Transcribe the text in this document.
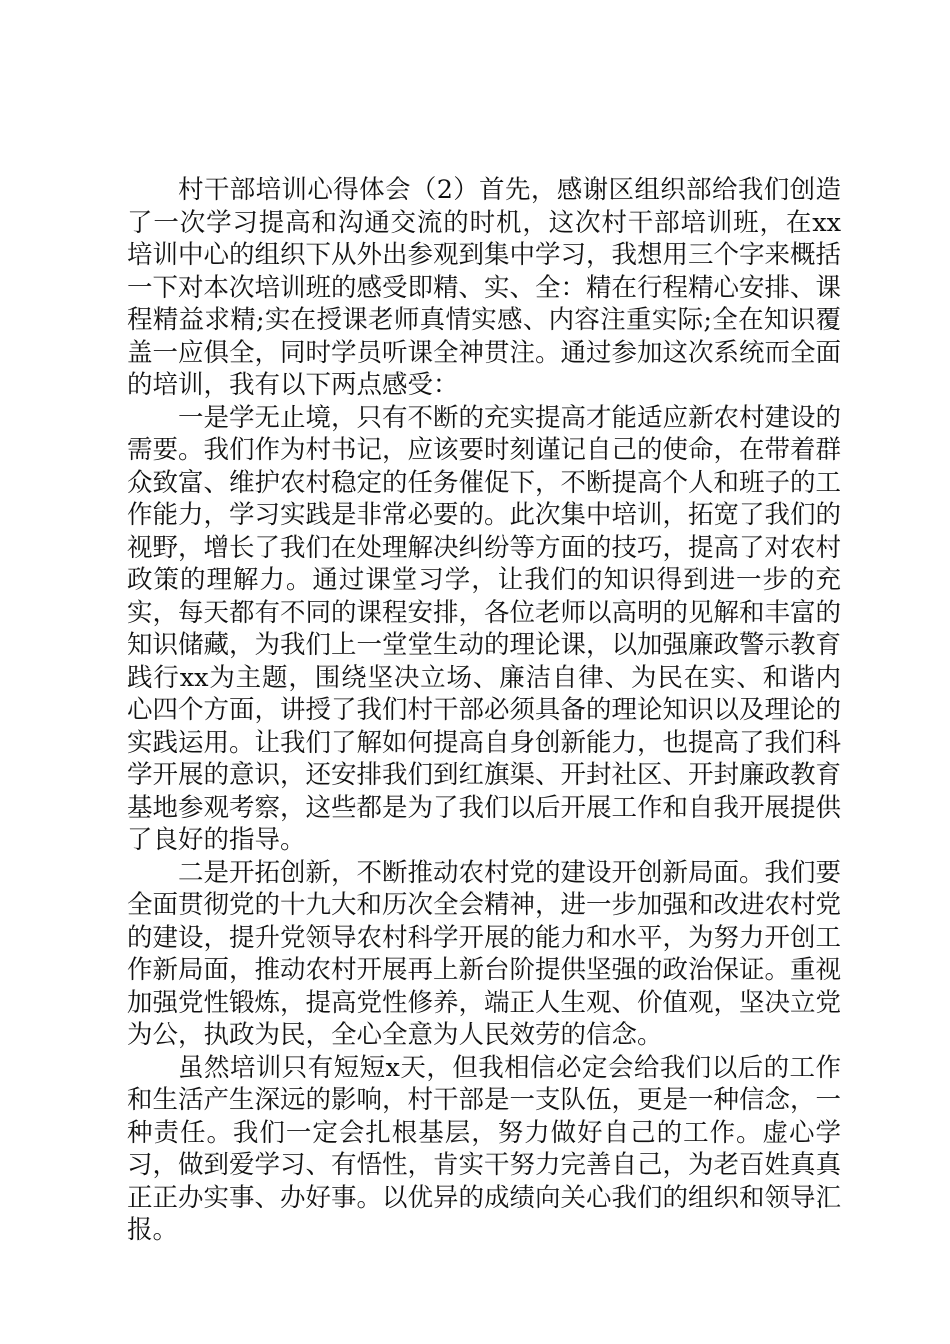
村干部培训心得体会（2）首先，感谢区组织部给我们创造了一次学习提高和沟通交流的时机，这次村干部培训班，在xx培训中心的组织下从外出参观到集中学习，我想用三个字来概括一下对本次培训班的感受即精、实、全：精在行程精心安排、课程精益求精;实在授课老师真情实感、内容注重实际;全在知识覆盖一应俱全，同时学员听课全神贯注。通过参加这次系统而全面的培训，我有以下两点感受：

一是学无止境，只有不断的充实提高才能适应新农村建设的需要。我们作为村书记，应该要时刻谨记自己的使命，在带着群众致富、维护农村稳定的任务催促下，不断提高个人和班子的工作能力，学习实践是非常必要的。此次集中培训，拓宽了我们的视野，增长了我们在处理解决纠纷等方面的技巧，提高了对农村政策的理解力。通过课堂习学，让我们的知识得到进一步的充实，每天都有不同的课程安排，各位老师以高明的见解和丰富的知识储藏，为我们上一堂堂生动的理论课，以加强廉政警示教育践行xx为主题，围绕坚决立场、廉洁自律、为民在实、和谐内心四个方面，讲授了我们村干部必须具备的理论知识以及理论的实践运用。让我们了解如何提高自身创新能力，也提高了我们科学开展的意识，还安排我们到红旗渠、开封社区、开封廉政教育基地参观考察，这些都是为了我们以后开展工作和自我开展提供了良好的指导。

二是开拓创新，不断推动农村党的建设开创新局面。我们要全面贯彻党的十九大和历次全会精神，进一步加强和改进农村党的建设，提升党领导农村科学开展的能力和水平，为努力开创工作新局面，推动农村开展再上新台阶提供坚强的政治保证。重视加强党性锻炼，提高党性修养，端正人生观、价值观，坚决立党为公，执政为民，全心全意为人民效劳的信念。

虽然培训只有短短x天，但我相信必定会给我们以后的工作和生活产生深远的影响，村干部是一支队伍，更是一种信念，一种责任。我们一定会扎根基层，努力做好自己的工作。虚心学习，做到爱学习、有悟性，肯实干努力完善自己，为老百姓真真正正办实事、办好事。以优异的成绩向关心我们的组织和领导汇报。
